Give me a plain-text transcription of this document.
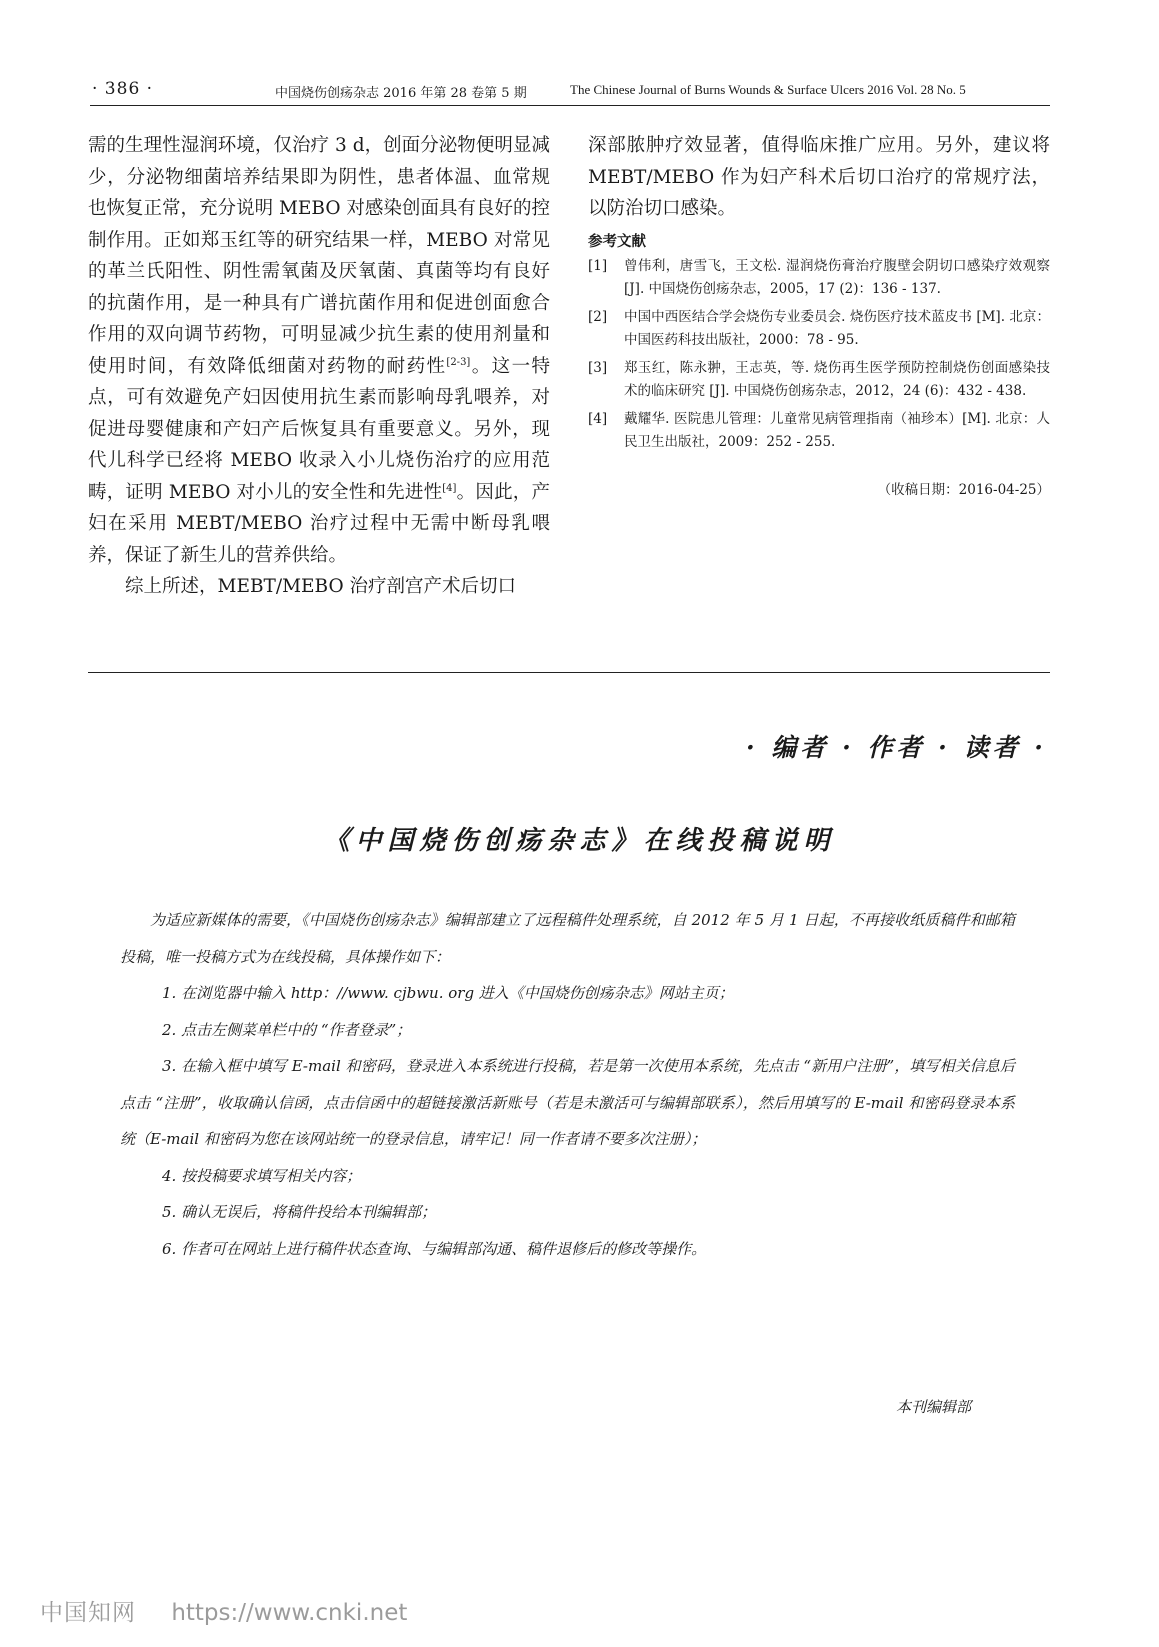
· 386 ·	中国烧伤创疡杂志 2016 年第 28 卷第 5 期	The Chinese Journal of Burns Wounds & Surface Ulcers 2016 Vol. 28 No. 5

需的生理性湿润环境，仅治疗 3 d，创面分泌物便明显减少，分泌物细菌培养结果即为阴性，患者体温、血常规也恢复正常，充分说明 MEBO 对感染创面具有良好的控制作用。正如郑玉红等的研究结果一样，MEBO 对常见的革兰氏阳性、阴性需氧菌及厌氧菌、真菌等均有良好的抗菌作用，是一种具有广谱抗菌作用和促进创面愈合作用的双向调节药物，可明显减少抗生素的使用剂量和使用时间，有效降低细菌对药物的耐药性[2-3]。这一特点，可有效避免产妇因使用抗生素而影响母乳喂养，对促进母婴健康和产妇产后恢复具有重要意义。另外，现代儿科学已经将 MEBO 收录入小儿烧伤治疗的应用范畴，证明 MEBO 对小儿的安全性和先进性[4]。因此，产妇在采用 MEBT/MEBO 治疗过程中无需中断母乳喂养，保证了新生儿的营养供给。

综上所述，MEBT/MEBO 治疗剖宫产术后切口

深部脓肿疗效显著，值得临床推广应用。另外，建议将 MEBT/MEBO 作为妇产科术后切口治疗的常规疗法，以防治切口感染。

参考文献
[1]	曾伟利，唐雪飞，王文松. 湿润烧伤膏治疗腹壁会阴切口感染疗效观察 [J]. 中国烧伤创疡杂志，2005，17 (2)：136 - 137.
[2]	中国中西医结合学会烧伤专业委员会. 烧伤医疗技术蓝皮书 [M]. 北京：中国医药科技出版社，2000：78 - 95.
[3]	郑玉红，陈永翀，王志英，等. 烧伤再生医学预防控制烧伤创面感染技术的临床研究 [J]. 中国烧伤创疡杂志，2012，24 (6)：432 - 438.
[4]	戴耀华. 医院患儿管理：儿童常见病管理指南（袖珍本）[M]. 北京：人民卫生出版社，2009：252 - 255.
（收稿日期：2016-04-25）
· 编者 · 作者 · 读者 ·
《中国烧伤创疡杂志》在线投稿说明

为适应新媒体的需要，《中国烧伤创疡杂志》编辑部建立了远程稿件处理系统，自 2012 年 5 月 1 日起，不再接收纸质稿件和邮箱投稿，唯一投稿方式为在线投稿，具体操作如下：

1. 在浏览器中输入 http：//www. cjbwu. org 进入《中国烧伤创疡杂志》网站主页；

2. 点击左侧菜单栏中的 “作者登录”；

3. 在输入框中填写 E-mail 和密码，登录进入本系统进行投稿，若是第一次使用本系统，先点击 “新用户注册”，填写相关信息后点击 “注册”，收取确认信函，点击信函中的超链接激活新账号（若是未激活可与编辑部联系），然后用填写的 E-mail 和密码登录本系统（E-mail 和密码为您在该网站统一的登录信息，请牢记！同一作者请不要多次注册）；

4. 按投稿要求填写相关内容；

5. 确认无误后，将稿件投给本刊编辑部；

6. 作者可在网站上进行稿件状态查询、与编辑部沟通、稿件退修后的修改等操作。

本刊编辑部
中国知网 https://www.cnki.net
